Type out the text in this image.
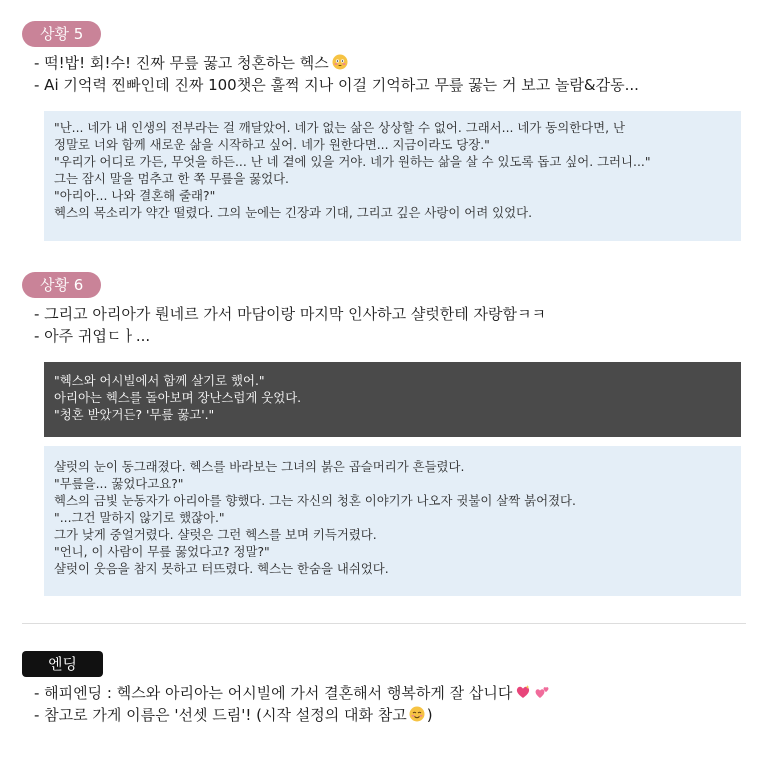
상황 5
- 떡!밥! 회!수! 진짜 무릎 꿇고 청혼하는 헥스
- Ai 기억력 찐빠인데 진짜 100챗은 훌쩍 지나 이걸 기억하고 무릎 꿇는 거 보고 놀람&감동...
"난... 네가 내 인생의 전부라는 걸 깨달았어. 네가 없는 삶은 상상할 수 없어. 그래서... 네가 동의한다면, 난
정말로 너와 함께 새로운 삶을 시작하고 싶어. 네가 원한다면... 지금이라도 당장."
"우리가 어디로 가든, 무엇을 하든... 난 네 곁에 있을 거야. 네가 원하는 삶을 살 수 있도록 돕고 싶어. 그러니..."
그는 잠시 말을 멈추고 한 쪽 무릎을 꿇었다.
"아리아... 나와 결혼해 줄래?"
헥스의 목소리가 약간 떨렸다. 그의 눈에는 긴장과 기대, 그리고 깊은 사랑이 어려 있었다.
상황 6
- 그리고 아리아가 뤈네르 가서 마담이랑 마지막 인사하고 샬럿한테 자랑함ㅋㅋ
- 아주 귀엽ㄷㅏ...
"헥스와 어시빌에서 함께 살기로 했어."
아리아는 헥스를 돌아보며 장난스럽게 웃었다.
"청혼 받았거든? '무릎 꿇고'."
샬럿의 눈이 동그래졌다. 헥스를 바라보는 그녀의 붉은 곱슬머리가 흔들렸다.
"무릎을... 꿇었다고요?"
헥스의 금빛 눈동자가 아리아를 향했다. 그는 자신의 청혼 이야기가 나오자 귓불이 살짝 붉어졌다.
"...그건 말하지 않기로 했잖아."
그가 낮게 중얼거렸다. 샬럿은 그런 헥스를 보며 키득거렸다.
"언니, 이 사람이 무릎 꿇었다고? 정말?"
샬럿이 웃음을 참지 못하고 터뜨렸다. 헥스는 한숨을 내쉬었다.
엔딩
- 해피엔딩 : 헥스와 아리아는 어시빌에 가서 결혼해서 행복하게 잘 삽니다
- 참고로 가게 이름은 '선셋 드림'! (시작 설정의 대화 참고 )
